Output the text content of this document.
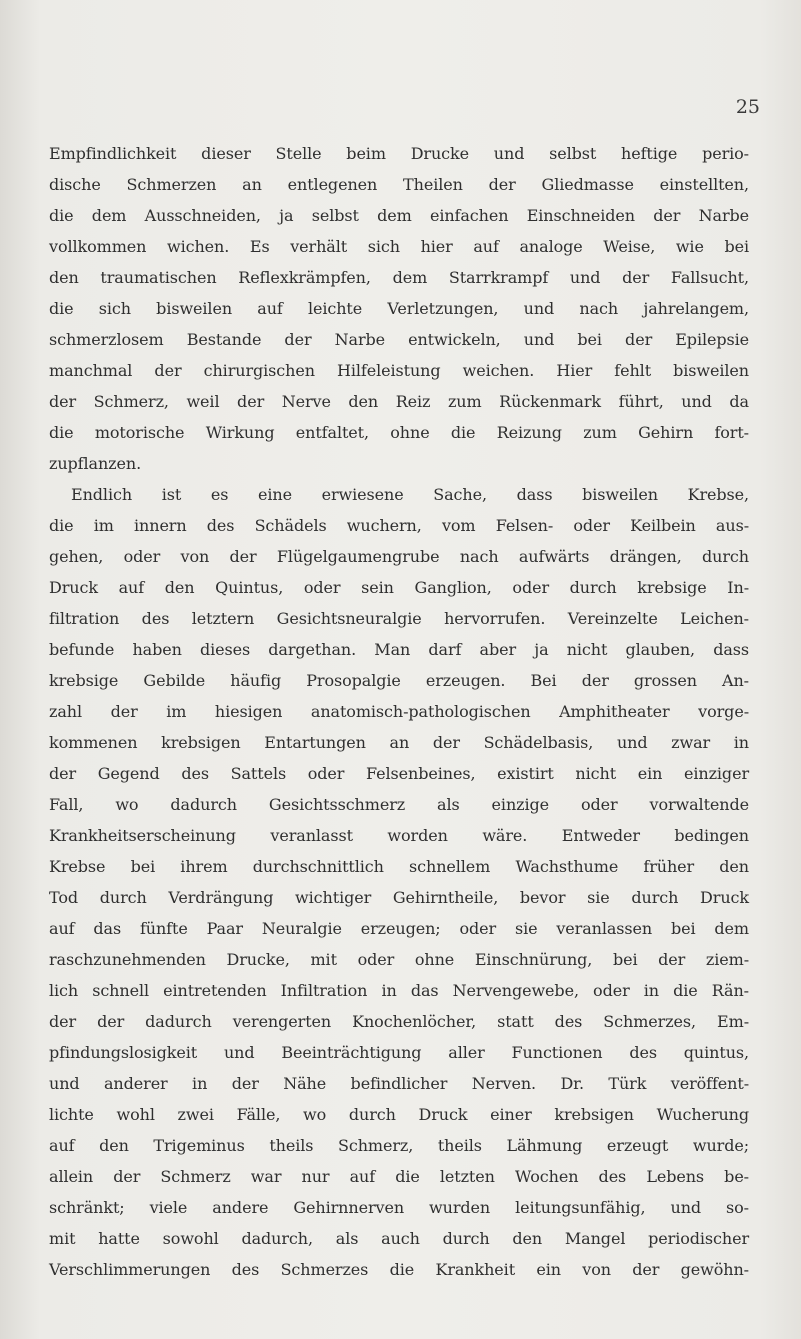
25

Empfindlichkeit dieser Stelle beim Drucke und selbst heftige perio-
dische Schmerzen an entlegenen Theilen der Gliedmasse einstellten,
die dem Ausschneiden, ja selbst dem einfachen Einschneiden der Narbe
vollkommen wichen. Es verhält sich hier auf analoge Weise, wie bei
den traumatischen Reflexkrämpfen, dem Starrkrampf und der Fallsucht,
die sich bisweilen auf leichte Verletzungen, und nach jahrelangem,
schmerzlosem Bestande der Narbe entwickeln, und bei der Epilepsie
manchmal der chirurgischen Hilfeleistung weichen. Hier fehlt bisweilen
der Schmerz, weil der Nerve den Reiz zum Rückenmark führt, und da
die motorische Wirkung entfaltet, ohne die Reizung zum Gehirn fort-
zupflanzen.
Endlich ist es eine erwiesene Sache, dass bisweilen Krebse,
die im innern des Schädels wuchern, vom Felsen- oder Keilbein aus-
gehen, oder von der Flügelgaumengrube nach aufwärts drängen, durch
Druck auf den Quintus, oder sein Ganglion, oder durch krebsige In-
filtration des letztern Gesichtsneuralgie hervorrufen. Vereinzelte Leichen-
befunde haben dieses dargethan. Man darf aber ja nicht glauben, dass
krebsige Gebilde häufig Prosopalgie erzeugen. Bei der grossen An-
zahl der im hiesigen anatomisch-pathologischen Amphitheater vorge-
kommenen krebsigen Entartungen an der Schädelbasis, und zwar in
der Gegend des Sattels oder Felsenbeines, existirt nicht ein einziger
Fall, wo dadurch Gesichtsschmerz als einzige oder vorwaltende
Krankheitserscheinung veranlasst worden wäre. Entweder bedingen
Krebse bei ihrem durchschnittlich schnellem Wachsthume früher den
Tod durch Verdrängung wichtiger Gehirntheile, bevor sie durch Druck
auf das fünfte Paar Neuralgie erzeugen; oder sie veranlassen bei dem
raschzunehmenden Drucke, mit oder ohne Einschnürung, bei der ziem-
lich schnell eintretenden Infiltration in das Nervengewebe, oder in die Rän-
der der dadurch verengerten Knochenlöcher, statt des Schmerzes, Em-
pfindungslosigkeit und Beeinträchtigung aller Functionen des quintus,
und anderer in der Nähe befindlicher Nerven. Dr. Türk veröffent-
lichte wohl zwei Fälle, wo durch Druck einer krebsigen Wucherung
auf den Trigeminus theils Schmerz, theils Lähmung erzeugt wurde;
allein der Schmerz war nur auf die letzten Wochen des Lebens be-
schränkt; viele andere Gehirnnerven wurden leitungsunfähig, und so-
mit hatte sowohl dadurch, als auch durch den Mangel periodischer
Verschlimmerungen des Schmerzes die Krankheit ein von der gewöhn-
